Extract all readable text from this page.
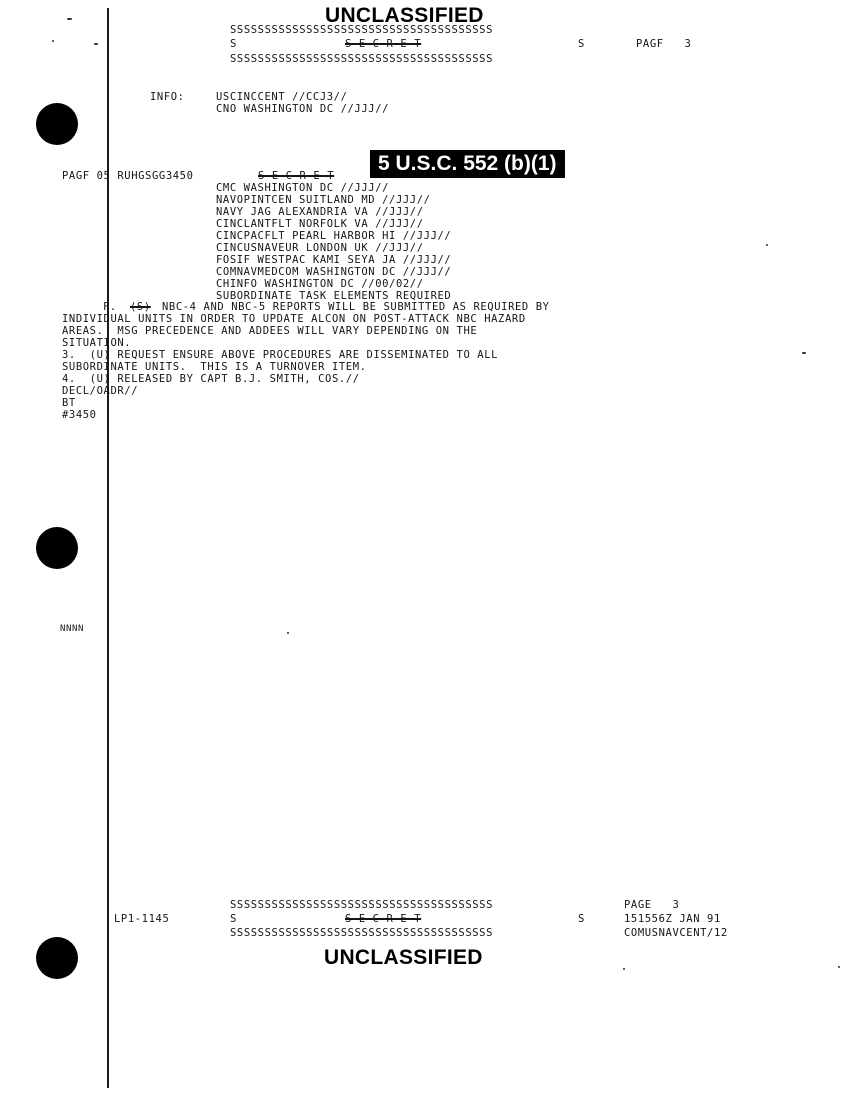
UNCLASSIFIED
SSSSSSSSSSSSSSSSSSSSSSSSSSSSSSSSSSSSSS
S	S E C R E T	S	PAGF   3
SSSSSSSSSSSSSSSSSSSSSSSSSSSSSSSSSSSSSS
INFO:	USCINCCENT //CCJ3//
CNO WASHINGTON DC //JJJ//
PAGF 05 RUHGSGG3450	S E C R E T
5 U.S.C. 552 (b)(1)
CMC WASHINGTON DC //JJJ//
NAVOPINTCEN SUITLAND MD //JJJ//
NAVY JAG ALEXANDRIA VA //JJJ//
CINCLANTFLT NORFOLK VA //JJJ//
CINCPACFLT PEARL HARBOR HI //JJJ//
CINCUSNAVEUR LONDON UK //JJJ//
FOSIF WESTPAC KAMI SEYA JA //JJJ//
COMNAVMEDCOM WASHINGTON DC //JJJ//
CHINFO WASHINGTON DC //00/02//
SUBORDINATE TASK ELEMENTS REQUIRED
F. (S) NBC-4 AND NBC-5 REPORTS WILL BE SUBMITTED AS REQUIRED BY
INDIVIDUAL UNITS IN ORDER TO UPDATE ALCON ON POST-ATTACK NBC HAZARD
AREAS.  MSG PRECEDENCE AND ADDEES WILL VARY DEPENDING ON THE
SITUATION.
3.  (U) REQUEST ENSURE ABOVE PROCEDURES ARE DISSEMINATED TO ALL
SUBORDINATE UNITS.  THIS IS A TURNOVER ITEM.
4.  (U) RELEASED BY CAPT B.J. SMITH, COS.//
DECL/OADR//
BT
#3450
NNNN
SSSSSSSSSSSSSSSSSSSSSSSSSSSSSSSSSSSSSS	PAGE   3
LP1-1145	S	S E C R E T	S	151556Z JAN 91
SSSSSSSSSSSSSSSSSSSSSSSSSSSSSSSSSSSSSS	COMUSNAVCENT/12
UNCLASSIFIED
